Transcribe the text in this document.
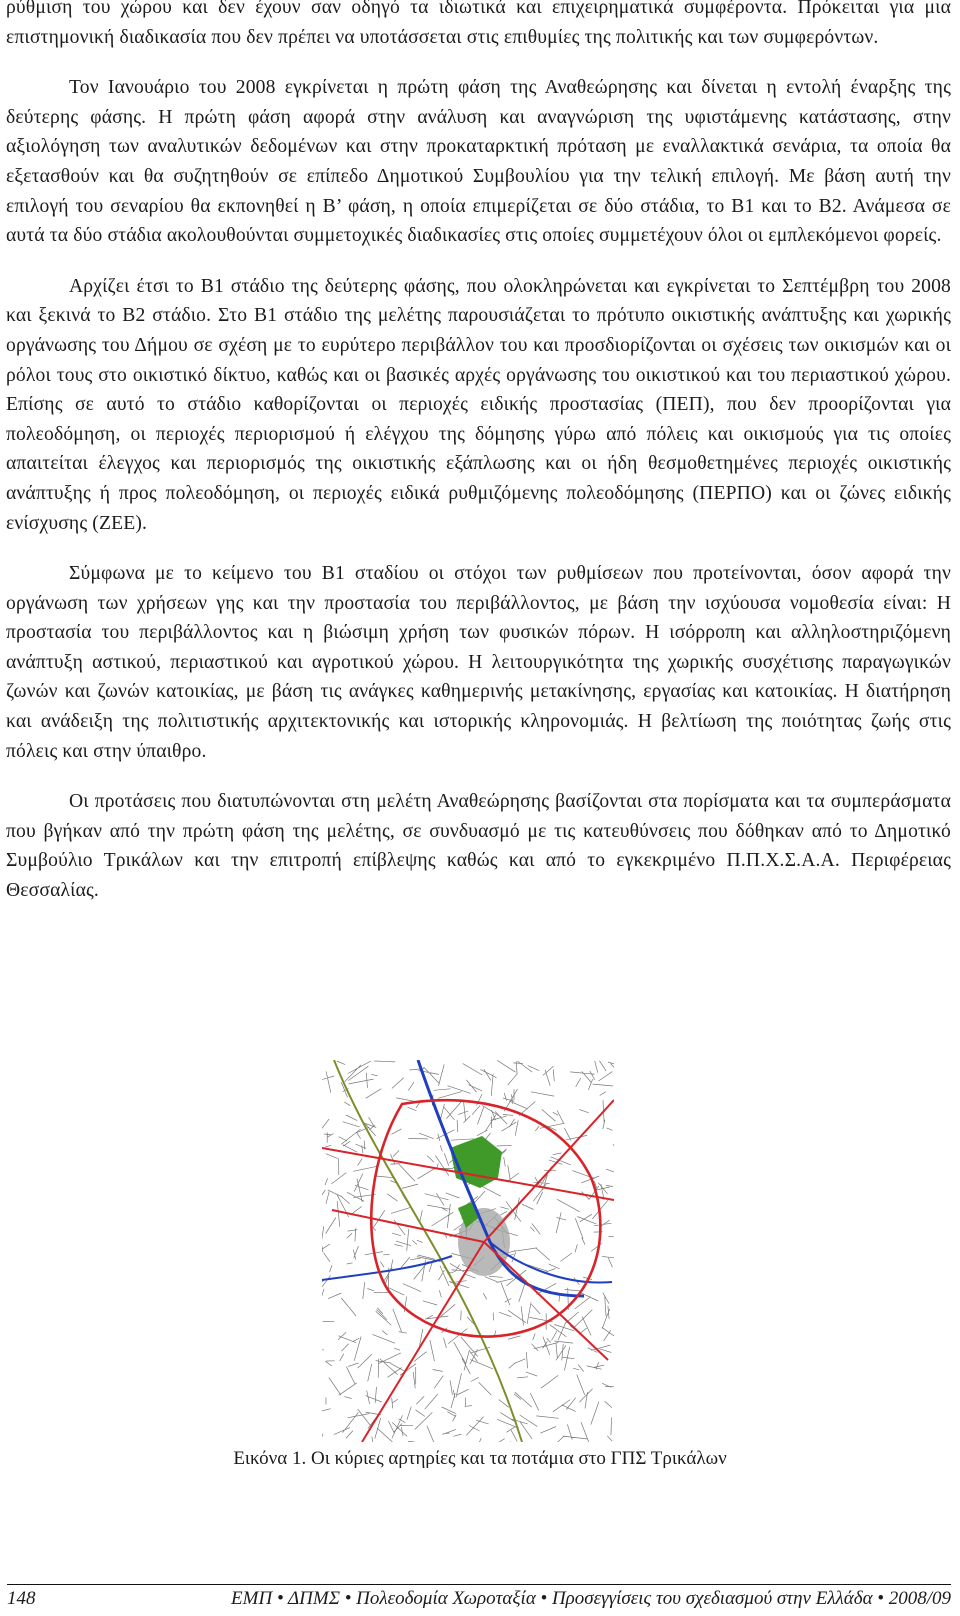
ρύθμιση του χώρου και δεν έχουν σαν οδηγό τα ιδιωτικά και επιχειρηματικά συμφέροντα. Πρόκειται για μια επιστημονική διαδικασία που δεν πρέπει να υποτάσσεται στις επιθυμίες της πολιτικής και των συμφερόντων.

Τον Ιανουάριο του 2008 εγκρίνεται η πρώτη φάση της Αναθεώρησης και δίνεται η εντολή έναρξης της δεύτερης φάσης. Η πρώτη φάση αφορά στην ανάλυση και αναγνώριση της υφιστάμενης κατάστασης, στην αξιολόγηση των αναλυτικών δεδομένων και στην προκαταρκτική πρόταση με εναλλακτικά σενάρια, τα οποία θα εξετασθούν και θα συζητηθούν σε επίπεδο Δημοτικού Συμβουλίου για την τελική επιλογή. Με βάση αυτή την επιλογή του σεναρίου θα εκπονηθεί η Β’ φάση, η οποία επιμερίζεται σε δύο στάδια, το Β1 και το Β2. Ανάμεσα σε αυτά τα δύο στάδια ακολουθούνται συμμετοχικές διαδικασίες στις οποίες συμμετέχουν όλοι οι εμπλεκόμενοι φορείς.

Αρχίζει έτσι το Β1 στάδιο της δεύτερης φάσης, που ολοκληρώνεται και εγκρίνεται το Σεπτέμβρη του 2008 και ξεκινά το Β2 στάδιο. Στο Β1 στάδιο της μελέτης παρουσιάζεται το πρότυπο οικιστικής ανάπτυξης και χωρικής οργάνωσης του Δήμου σε σχέση με το ευρύτερο περιβάλλον του και προσδιορίζονται οι σχέσεις των οικισμών και οι ρόλοι τους στο οικιστικό δίκτυο, καθώς και οι βασικές αρχές οργάνωσης του οικιστικού και του περιαστικού χώρου. Επίσης σε αυτό το στάδιο καθορίζονται οι περιοχές ειδικής προστασίας (ΠΕΠ), που δεν προορίζονται για πολεοδόμηση, οι περιοχές περιορισμού ή ελέγχου της δόμησης γύρω από πόλεις και οικισμούς για τις οποίες απαιτείται έλεγχος και περιορισμός της οικιστικής εξάπλωσης και οι ήδη θεσμοθετημένες περιοχές οικιστικής ανάπτυξης ή προς πολεοδόμηση, οι περιοχές ειδικά ρυθμιζόμενης πολεοδόμησης (ΠΕΡΠΟ) και οι ζώνες ειδικής ενίσχυσης (ΖΕΕ).

Σύμφωνα με το κείμενο του Β1 σταδίου οι στόχοι των ρυθμίσεων που προτείνονται, όσον αφορά την οργάνωση των χρήσεων γης και την προστασία του περιβάλλοντος, με βάση την ισχύουσα νομοθεσία είναι: Η προστασία του περιβάλλοντος και η βιώσιμη χρήση των φυσικών πόρων. Η ισόρροπη και αλληλοστηριζόμενη ανάπτυξη αστικού, περιαστικού και αγροτικού χώρου. Η λειτουργικότητα της χωρικής συσχέτισης παραγωγικών ζωνών και ζωνών κατοικίας, με βάση τις ανάγκες καθημερινής μετακίνησης, εργασίας και κατοικίας. Η διατήρηση και ανάδειξη της πολιτιστικής αρχιτεκτονικής και ιστορικής κληρονομιάς. Η βελτίωση της ποιότητας ζωής στις πόλεις και στην ύπαιθρο.

Οι προτάσεις που διατυπώνονται στη μελέτη Αναθεώρησης βασίζονται στα πορίσματα και τα συμπεράσματα που βγήκαν από την πρώτη φάση της μελέτης, σε συνδυασμό με τις κατευθύνσεις που δόθηκαν από το Δημοτικό Συμβούλιο Τρικάλων και την επιτροπή επίβλεψης καθώς και από το εγκεκριμένο Π.Π.Χ.Σ.Α.Α. Περιφέρειας Θεσσαλίας.

Εικόνα 1. Οι κύριες αρτηρίες και τα ποτάμια στο ΓΠΣ Τρικάλων
148	ΕΜΠ • ΔΠΜΣ • Πολεοδομία Χωροταξία • Προσεγγίσεις του σχεδιασμού στην Ελλάδα • 2008/09
